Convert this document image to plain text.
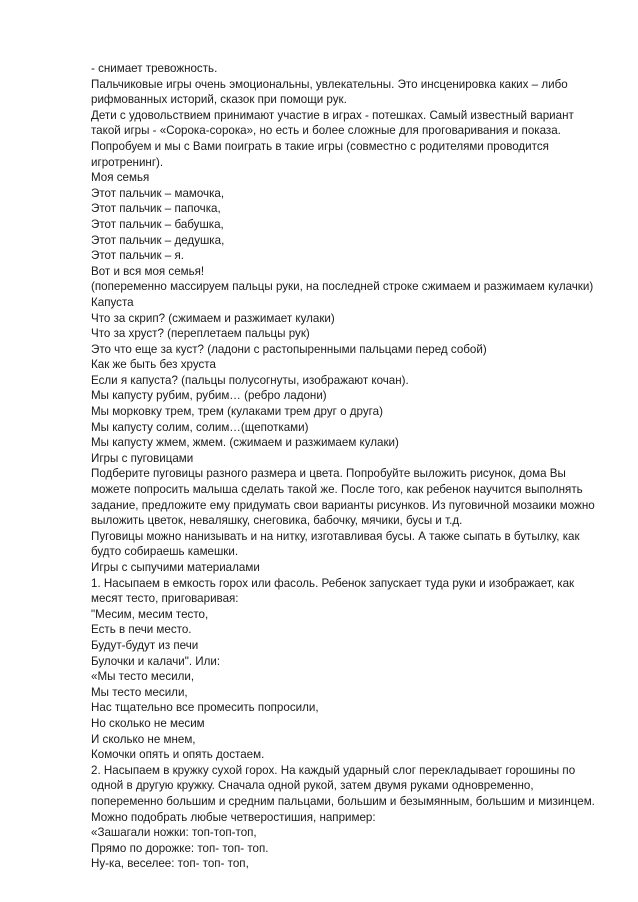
- снимает тревожность.
Пальчиковые игры очень эмоциональны, увлекательны. Это инсценировка каких – либо
рифмованных историй, сказок при помощи рук.
Дети с удовольствием принимают участие в играх - потешках. Самый известный вариант
такой игры - «Сорока-сорока», но есть и более сложные для проговаривания и показа.
Попробуем и мы с Вами поиграть в такие игры (совместно с родителями проводится
игротренинг).
Моя семья
Этот пальчик – мамочка,
Этот пальчик – папочка,
Этот пальчик – бабушка,
Этот пальчик – дедушка,
Этот пальчик – я.
Вот и вся моя семья!
(попеременно массируем пальцы руки, на последней строке сжимаем и разжимаем кулачки)
Капуста
Что за скрип? (сжимаем и разжимает кулаки)
Что за хруст? (переплетаем пальцы рук)
Это что еще за куст? (ладони с растопыренными пальцами перед собой)
Как же быть без хруста
Если я капуста? (пальцы полусогнуты, изображают кочан).
Мы капусту рубим, рубим… (ребро ладони)
Мы морковку трем, трем (кулаками трем друг о друга)
Мы капусту солим, солим…(щепотками)
Мы капусту жмем, жмем. (сжимаем и разжимаем кулаки)
Игры с пуговицами
Подберите пуговицы разного размера и цвета. Попробуйте выложить рисунок, дома Вы
можете попросить малыша сделать такой же. После того, как ребенок научится выполнять
задание, предложите ему придумать свои варианты рисунков. Из пуговичной мозаики можно
выложить цветок, неваляшку, снеговика, бабочку, мячики, бусы и т.д.
Пуговицы можно нанизывать и на нитку, изготавливая бусы. А также сыпать в бутылку, как
будто собираешь камешки.
Игры с сыпучими материалами
1. Насыпаем в емкость горох или фасоль. Ребенок запускает туда руки и изображает, как
месят тесто, приговаривая:
"Месим, месим тесто,
Есть в печи место.
Будут-будут из печи
Булочки и калачи". Или:
«Мы тесто месили,
Мы тесто месили,
Нас тщательно все промесить попросили,
Но сколько не месим
И сколько не мнем,
Комочки опять и опять достаем.
2. Насыпаем в кружку сухой горох. На каждый ударный слог перекладывает горошины по
одной в другую кружку. Сначала одной рукой, затем двумя руками одновременно,
попеременно большим и средним пальцами, большим и безымянным, большим и мизинцем.
Можно подобрать любые четверостишия, например:
«Зашагали ножки: топ-топ-топ,
Прямо по дорожке: топ- топ- топ.
Ну-ка, веселее: топ- топ- топ,
